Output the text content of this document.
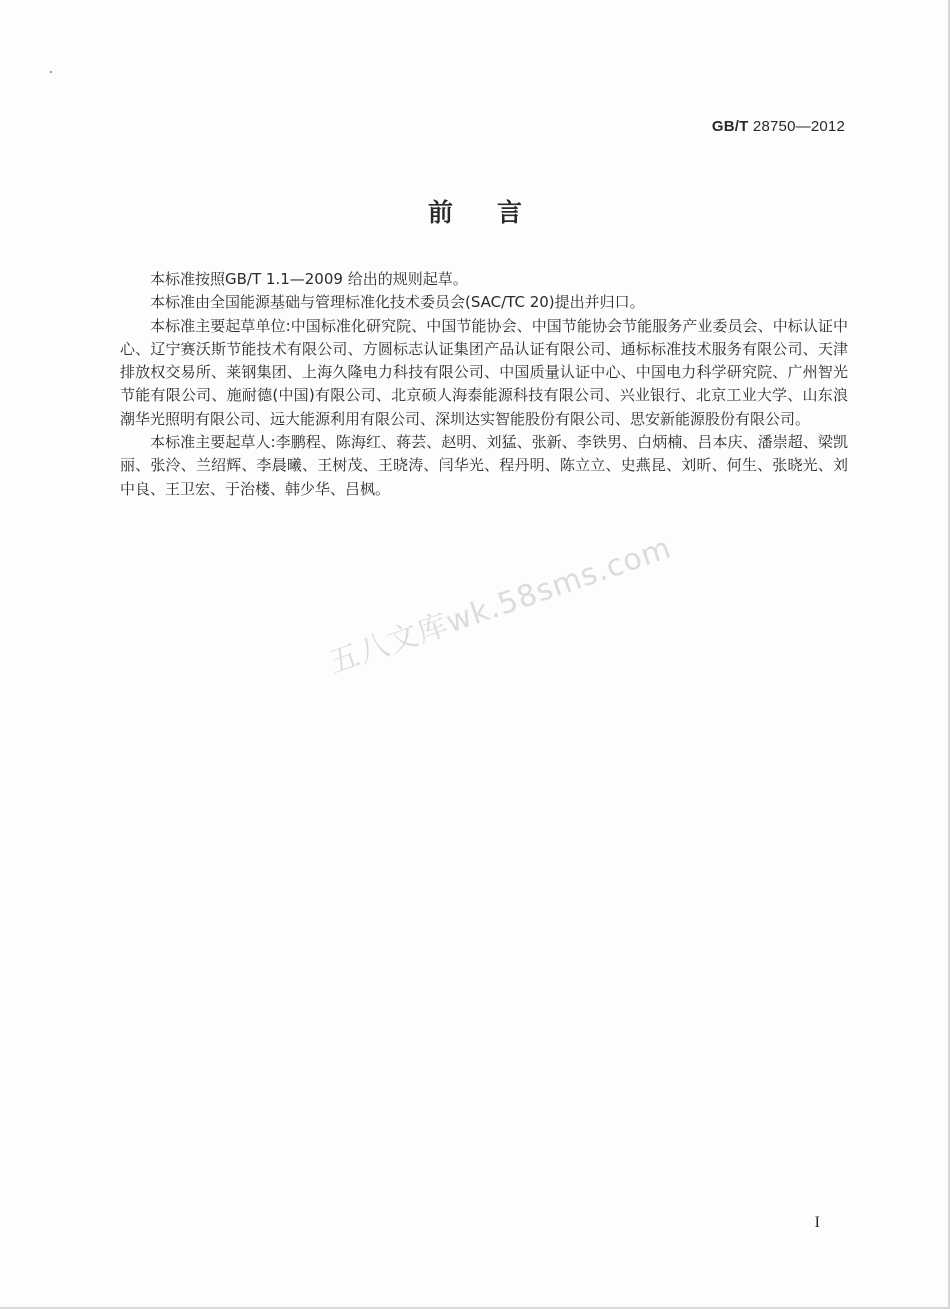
GB/T 28750—2012
前言

本标准按照GB/T 1.1—2009 给出的规则起草。

本标准由全国能源基础与管理标准化技术委员会(SAC/TC 20)提出并归口。

本标准主要起草单位:中国标准化研究院、中国节能协会、中国节能协会节能服务产业委员会、中标认证中心、辽宁赛沃斯节能技术有限公司、方圆标志认证集团产品认证有限公司、通标标准技术服务有限公司、天津排放权交易所、莱钢集团、上海久隆电力科技有限公司、中国质量认证中心、中国电力科学研究院、广州智光节能有限公司、施耐德(中国)有限公司、北京硕人海泰能源科技有限公司、兴业银行、北京工业大学、山东浪潮华光照明有限公司、远大能源利用有限公司、深圳达实智能股份有限公司、思安新能源股份有限公司。

本标准主要起草人:李鹏程、陈海红、蒋芸、赵明、刘猛、张新、李铁男、白炳楠、吕本庆、潘崇超、梁凯丽、张泠、兰绍辉、李晨曦、王树茂、王晓涛、闫华光、程丹明、陈立立、史燕昆、刘昕、何生、张晓光、刘中良、王卫宏、于治楼、韩少华、吕枫。

五八文库wk.58sms.com
I
